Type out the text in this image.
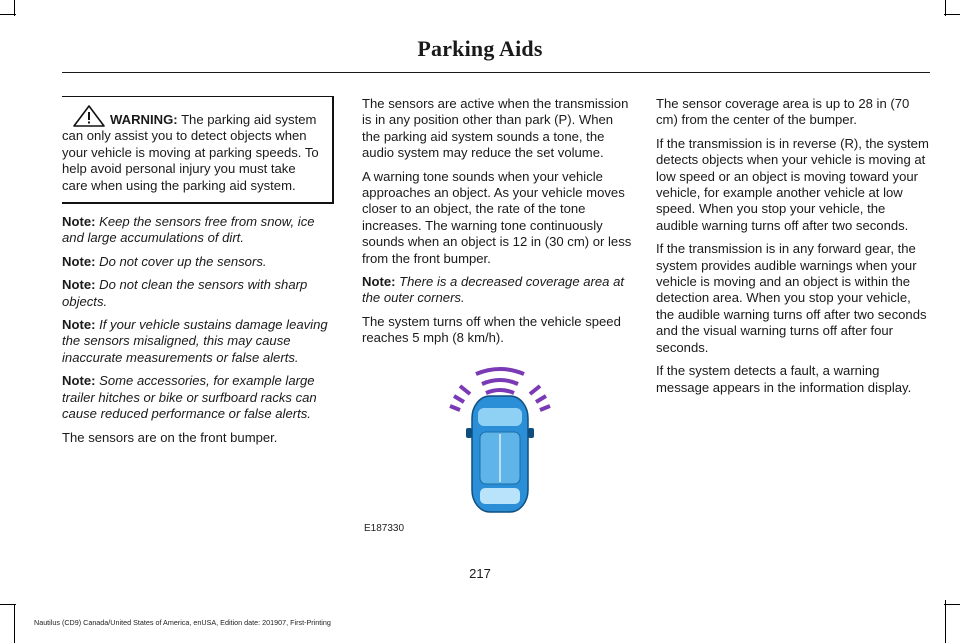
Parking Aids

WARNING: The parking aid system can only assist you to detect objects when your vehicle is moving at parking speeds. To help avoid personal injury you must take care when using the parking aid system.

Note: Keep the sensors free from snow, ice and large accumulations of dirt.

Note: Do not cover up the sensors.

Note: Do not clean the sensors with sharp objects.

Note: If your vehicle sustains damage leaving the sensors misaligned, this may cause inaccurate measurements or false alerts.

Note: Some accessories, for example large trailer hitches or bike or surfboard racks can cause reduced performance or false alerts.

The sensors are on the front bumper.

The sensors are active when the transmission is in any position other than park (P). When the parking aid system sounds a tone, the audio system may reduce the set volume.

A warning tone sounds when your vehicle approaches an object. As your vehicle moves closer to an object, the rate of the tone increases. The warning tone continuously sounds when an object is 12 in (30 cm) or less from the front bumper.

Note: There is a decreased coverage area at the outer corners.

The system turns off when the vehicle speed reaches 5 mph (8 km/h).

E187330

The sensor coverage area is up to 28 in (70 cm) from the center of the bumper.

If the transmission is in reverse (R), the system detects objects when your vehicle is moving at low speed or an object is moving toward your vehicle, for example another vehicle at low speed. When you stop your vehicle, the audible warning turns off after two seconds.

If the transmission is in any forward gear, the system provides audible warnings when your vehicle is moving and an object is within the detection area. When you stop your vehicle, the audible warning turns off after two seconds and the visual warning turns off after four seconds.

If the system detects a fault, a warning message appears in the information display.

217
Nautilus (CD9) Canada/United States of America, enUSA, Edition date: 201907, First-Printing
